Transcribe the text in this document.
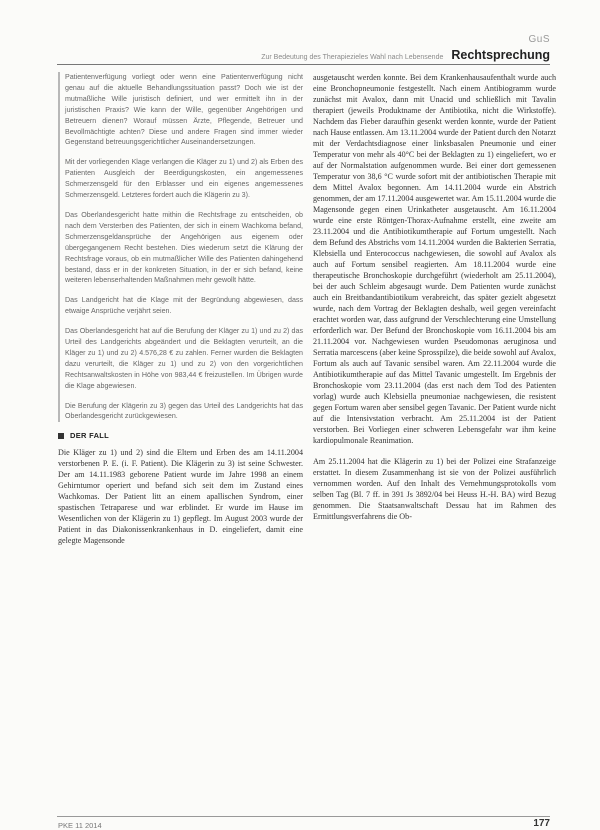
GuS
Zur Bedeutung des Therapiezieles Wahl nach Lebensende Rechtsprechung

Patientenverfügung vorliegt oder wenn eine Patientenverfügung nicht genau auf die aktuelle Behandlungssituation passt? Doch wie ist der mutmaßliche Wille juristisch definiert, und wer ermittelt ihn in der juristischen Praxis? Wie kann der Wille, gegenüber Angehörigen und Betreuern dienen? Worauf müssen Ärzte, Pflegende, Betreuer und Bevollmächtigte achten? Diese und andere Fragen sind immer wieder Gegenstand betreuungsgerichtlicher Auseinandersetzungen.

Mit der vorliegenden Klage verlangen die Kläger zu 1) und 2) als Erben des Patienten Ausgleich der Beerdigungskosten, ein angemessenes Schmerzensgeld für den Erblasser und ein eigenes angemessenes Schmerzensgeld. Letzteres fordert auch die Klägerin zu 3).

Das Oberlandesgericht hatte mithin die Rechtsfrage zu entscheiden, ob nach dem Versterben des Patienten, der sich in einem Wachkoma befand, Schmerzensgeldansprüche der Angehörigen aus eigenem oder übergegangenem Recht bestehen. Dies wiederum setzt die Klärung der Rechtsfrage voraus, ob ein mutmaßlicher Wille des Patienten dahingehend bestand, dass er in der konkreten Situation, in der er sich befand, keine weiteren lebenserhaltenden Maßnahmen mehr gewollt hätte.

Das Landgericht hat die Klage mit der Begründung abgewiesen, dass etwaige Ansprüche verjährt seien.

Das Oberlandesgericht hat auf die Berufung der Kläger zu 1) und zu 2) das Urteil des Landgerichts abgeändert und die Beklagten verurteilt, an die Kläger zu 1) und zu 2) 4.576,28 € zu zahlen. Ferner wurden die Beklagten dazu verurteilt, die Kläger zu 1) und zu 2) von den vorgerichtlichen Rechtsanwaltskosten in Höhe von 983,44 € freizustellen. Im Übrigen wurde die Klage abgewiesen.

Die Berufung der Klägerin zu 3) gegen das Urteil des Landgerichts hat das Oberlandesgericht zurückgewiesen.

DER FALL

Die Kläger zu 1) und 2) sind die Eltern und Erben des am 14.11.2004 verstorbenen P. E. (i. F. Patient). Die Klägerin zu 3) ist seine Schwester. Der am 14.11.1983 geborene Patient wurde im Jahre 1998 an einem Gehirntumor operiert und befand sich seit dem im Zustand eines Wachkomas. Der Patient litt an einem apallischen Syndrom, einer spastischen Tetraparese und war erblindet. Er wurde im Hause im Wesentlichen von der Klägerin zu 1) gepflegt. Im August 2003 wurde der Patient in das Diakonissenkrankenhaus in D. eingeliefert, damit eine gelegte Magensonde

ausgetauscht werden konnte. Bei dem Krankenhausaufenthalt wurde auch eine Bronchopneumonie festgestellt. Nach einem Antibiogramm wurde zunächst mit Avalox, dann mit Unacid und schließlich mit Tavalin therapiert (jeweils Produktname der Antibiotika, nicht die Wirkstoffe). Nachdem das Fieber daraufhin gesenkt werden konnte, wurde der Patient nach Hause entlassen. Am 13.11.2004 wurde der Patient durch den Notarzt mit der Verdachtsdiagnose einer linksbasalen Pneumonie und einer Temperatur von mehr als 40°C bei der Beklagten zu 1) eingeliefert, wo er auf der Normalstation aufgenommen wurde. Bei einer dort gemessenen Temperatur von 38,6 °C wurde sofort mit der antibiotischen Therapie mit dem Mittel Avalox begonnen. Am 14.11.2004 wurde ein Abstrich genommen, der am 17.11.2004 ausgewertet war. Am 15.11.2004 wurde die Magensonde gegen einen Urinkatheter ausgetauscht. Am 16.11.2004 wurde eine erste Röntgen-Thorax-Aufnahme erstellt, eine zweite am 23.11.2004 und die Antibiotikumtherapie auf Fortum umgestellt. Nach dem Befund des Abstrichs vom 14.11.2004 wurden die Bakterien Serratia, Klebsiella und Enterococcus nachgewiesen, die sowohl auf Avalox als auch auf Fortum sensibel reagierten. Am 18.11.2004 wurde eine therapeutische Bronchoskopie durchgeführt (wiederholt am 25.11.2004), bei der auch Schleim abgesaugt wurde. Dem Patienten wurde zunächst auch ein Breitbandantibiotikum verabreicht, das später gezielt abgesetzt wurde, nach dem Vortrag der Beklagten deshalb, weil gegen vereinfacht erachtet worden war, dass aufgrund der Verschlechterung eine Umstellung erforderlich war. Der Befund der Bronchoskopie vom 16.11.2004 bis am 21.11.2004 vor. Nachgewiesen wurden Pseudomonas aeruginosa und Serratia marcescens (aber keine Sprosspilze), die beide sowohl auf Avalox, Fortum als auch auf Tavanic sensibel waren. Am 22.11.2004 wurde die Antibiotikumtherapie auf das Mittel Tavanic umgestellt. Im Ergebnis der Bronchoskopie vom 23.11.2004 (das erst nach dem Tod des Patienten vorlag) wurde auch Klebsiella pneumoniae nachgewiesen, die resistent gegen Fortum waren aber sensibel gegen Tavanic. Der Patient wurde nicht auf die Intensivstation verbracht. Am 25.11.2004 ist der Patient verstorben. Bei Vorliegen einer schweren Lebensgefahr war ihm keine kardiopulmonale Reanimation.

Am 25.11.2004 hat die Klägerin zu 1) bei der Polizei eine Strafanzeige erstattet. In diesem Zusammenhang ist sie von der Polizei ausführlich vernommen worden. Auf den Inhalt des Vernehmungsprotokolls vom selben Tag (Bl. 7 ff. in 391 Js 3892/04 bei Heuss H.-H. BA) wird Bezug genommen. Die Staatsanwaltschaft Dessau hat im Rahmen des Ermittlungsverfahrens die Ob-

PKE 11 2014	177
